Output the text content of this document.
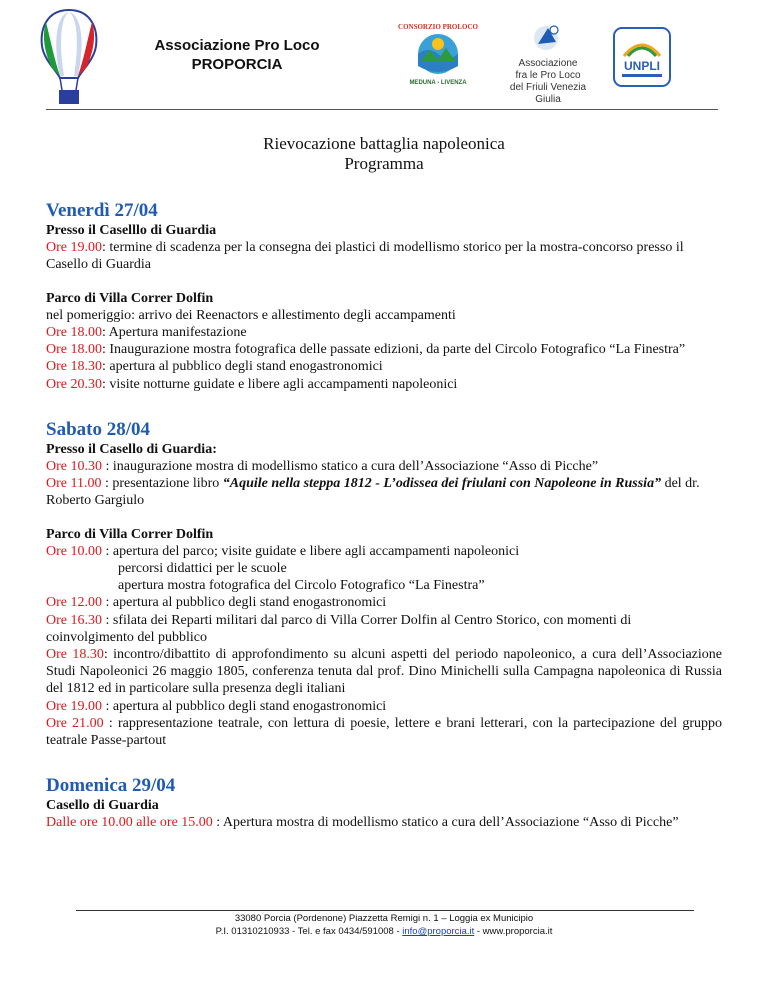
Associazione Pro Loco
PROPORCIA
CONSORZIO PROLOCO
MEDUNA - LIVENZA
Associazione
fra le Pro Loco
del Friuli Venezia Giulia
UNPLI
Rievocazione battaglia napoleonica
Programma

Venerdì 27/04

Presso il Caselllo di Guardia

Ore 19.00: termine di scadenza per la consegna dei plastici di modellismo storico per la mostra-concorso presso il Casello di Guardia

Parco di Villa Correr Dolfin

nel pomeriggio: arrivo dei Reenactors e allestimento degli accampamenti

Ore 18.00: Apertura manifestazione

Ore 18.00: Inaugurazione mostra fotografica delle passate edizioni, da parte del Circolo Fotografico “La Finestra”

Ore 18.30: apertura al pubblico degli stand enogastronomici

Ore 20.30: visite notturne guidate e libere agli accampamenti napoleonici

Sabato 28/04

Presso il Casello di Guardia:

Ore 10.30 : inaugurazione mostra di modellismo statico a cura dell’Associazione “Asso di Picche”

Ore 11.00 : presentazione libro “Aquile nella steppa 1812 - L’odissea dei friulani con Napoleone in Russia” del dr. Roberto Gargiulo

Parco di Villa Correr Dolfin

Ore 10.00 : apertura del parco; visite guidate e libere agli accampamenti napoleonici

percorsi didattici per le scuole

apertura mostra fotografica del Circolo Fotografico “La Finestra”

Ore 12.00 : apertura al pubblico degli stand enogastronomici

Ore 16.30 : sfilata dei Reparti militari dal parco di Villa Correr Dolfin al Centro Storico, con momenti di coinvolgimento del pubblico

Ore 18.30: incontro/dibattito di approfondimento su alcuni aspetti del periodo napoleonico, a cura dell’Associazione Studi Napoleonici 26 maggio 1805, conferenza tenuta dal prof. Dino Minichelli sulla Campagna napoleonica di Russia del 1812 ed in particolare sulla presenza degli italiani

Ore 19.00 : apertura al pubblico degli stand enogastronomici

Ore 21.00 : rappresentazione teatrale, con lettura di poesie, lettere e brani letterari, con la partecipazione del gruppo teatrale Passe-partout

Domenica 29/04

Casello di Guardia

Dalle ore 10.00 alle ore 15.00 : Apertura mostra di modellismo statico a cura dell’Associazione “Asso di Picche”

33080 Porcia (Pordenone) Piazzetta Remigi n. 1 – Loggia ex Municipio
P.I. 01310210933 - Tel. e fax 0434/591008 - info@proporcia.it - www.proporcia.it
